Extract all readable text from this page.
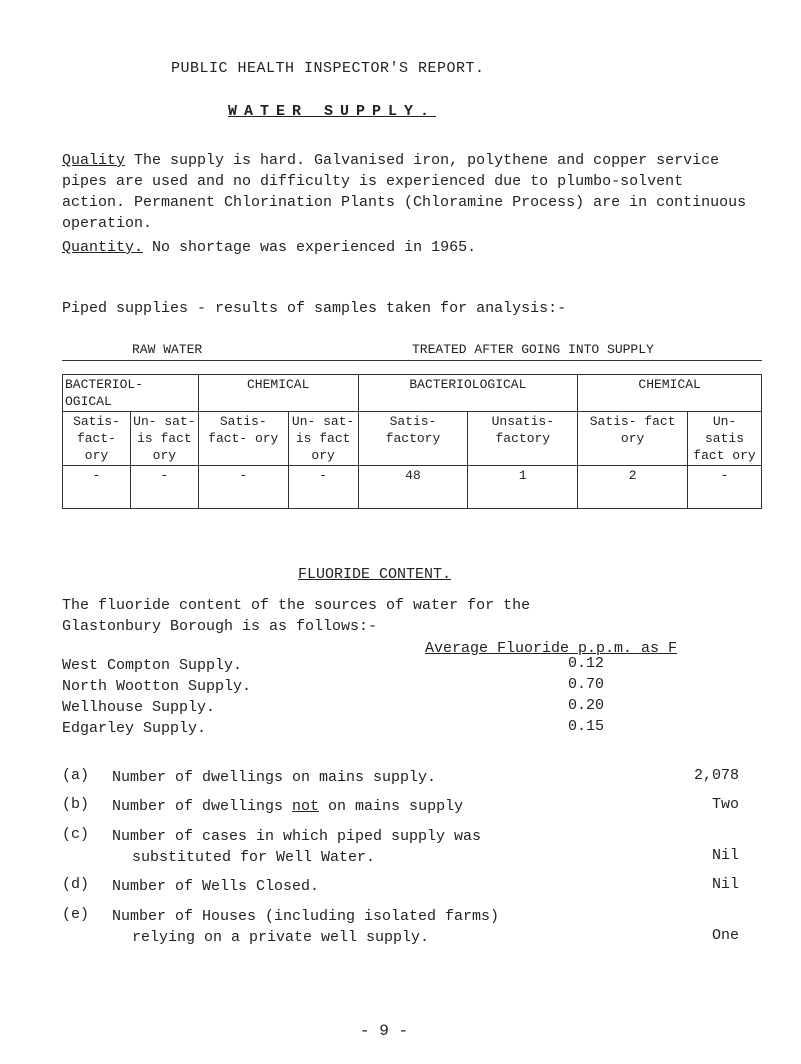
PUBLIC HEALTH INSPECTOR'S REPORT.
WATER SUPPLY.
Quality The supply is hard. Galvanised iron, polythene and copper service pipes are used and no difficulty is experienced due to plumbo-solvent action. Permanent Chlorination Plants (Chloramine Process) are in continuous operation.
Quantity. No shortage was experienced in 1965.
Piped supplies - results of samples taken for analysis:-
RAW WATER	TREATED AFTER GOING INTO SUPPLY
BACTERIOL- OGICAL		CHEMICAL		BACTERIOLOGICAL		CHEMICAL	
Satis- fact- ory	Un- sat- is fact ory	Satis- fact- ory	Un- sat- is fact ory	Satis- factory	Unsatis- factory	Satis- fact ory	Un- satis fact ory
-	-	-	-	48	1	2	-
FLUORIDE CONTENT.
The fluoride content of the sources of water for the
Glastonbury Borough is as follows:-
Average Fluoride p.p.m. as F
West Compton Supply.	0.12
North Wootton Supply.	0.70
Wellhouse Supply.	0.20
Edgarley Supply.	0.15
(a) Number of dwellings on mains supply.	2,078
(b) Number of dwellings not on mains supply	Two
(c) Number of cases in which piped supply was
substituted for Well Water.	Nil
(d) Number of Wells Closed.	Nil
(e) Number of Houses (including isolated farms)
relying on a private well supply.	One
- 9 -
